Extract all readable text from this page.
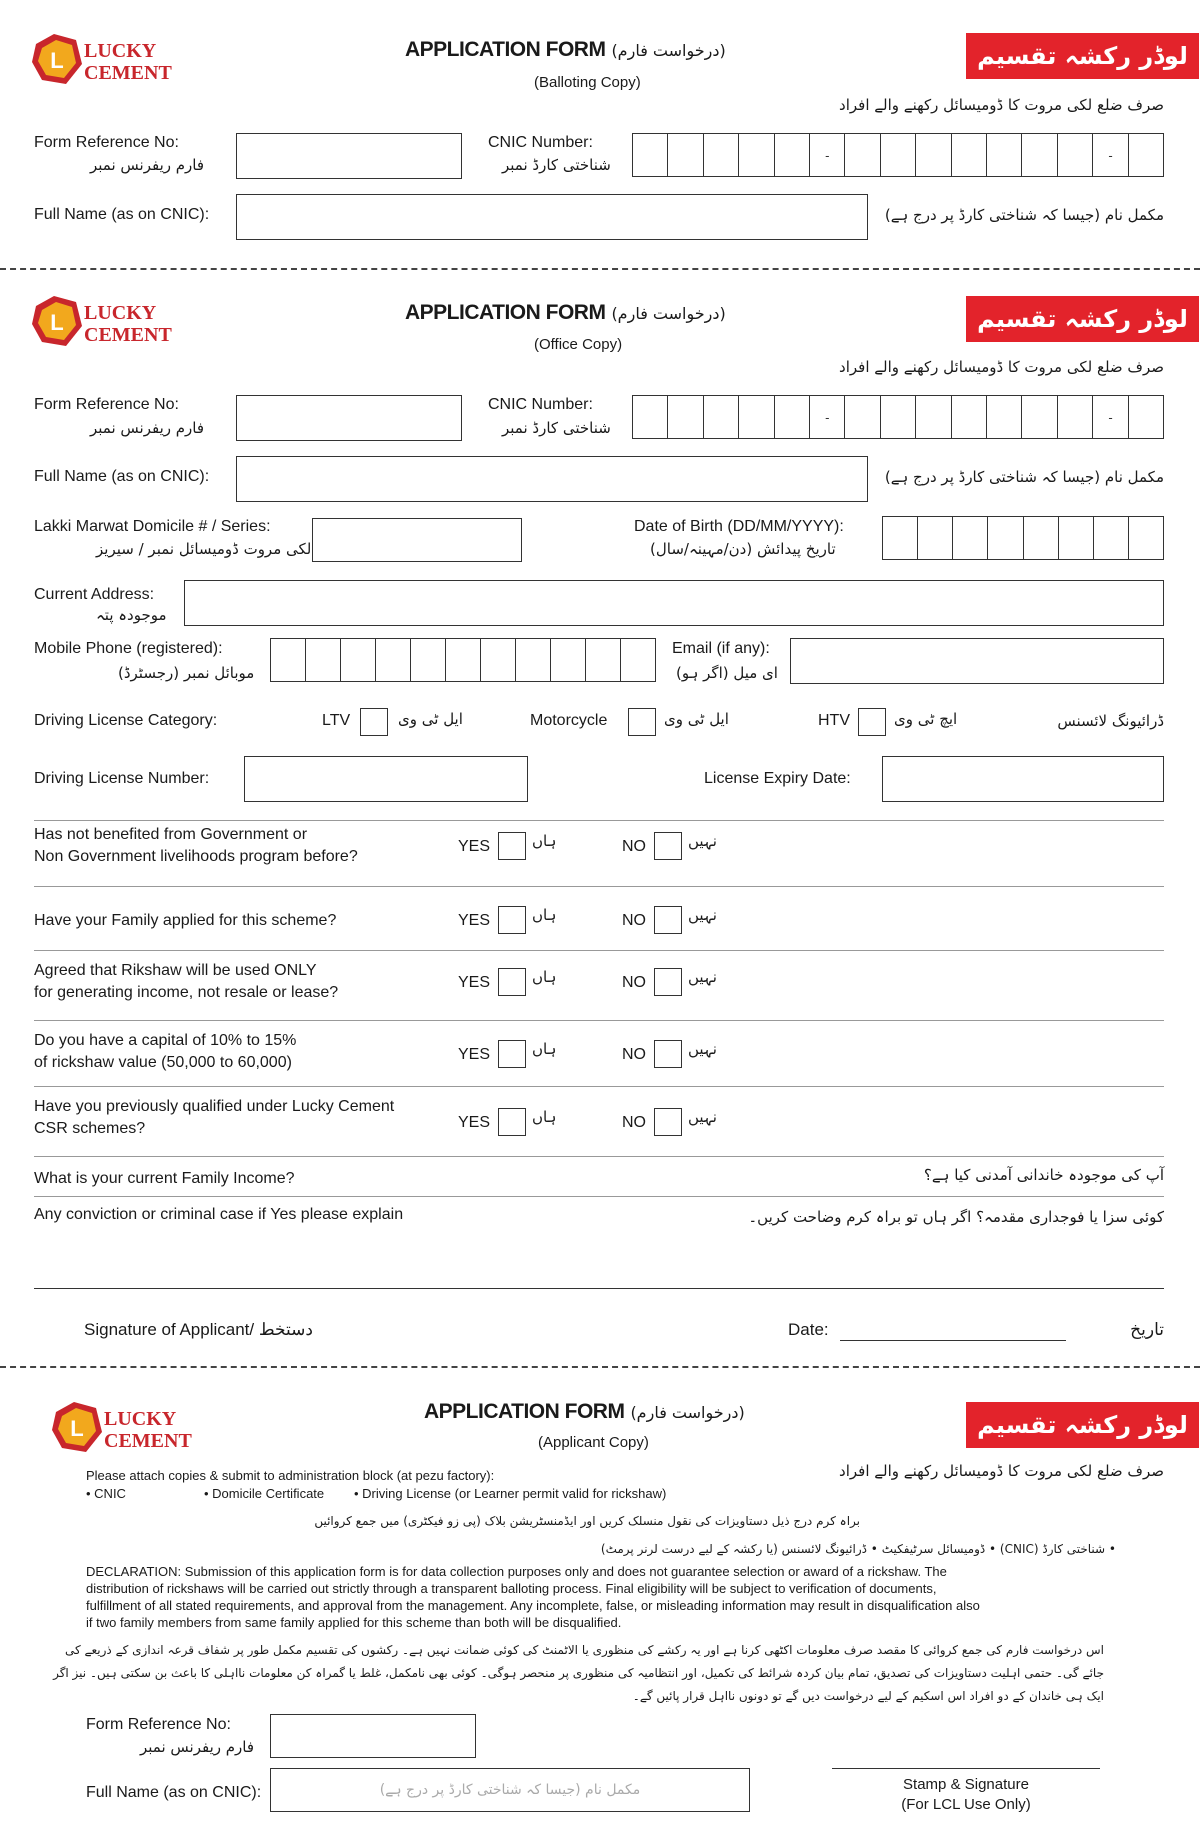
L LUCKY
CEMENT
APPLICATION FORM (درخواست فارم)
(Balloting Copy)
لوڈر رکشہ تقسیم
صرف ضلع لکی مروت کا ڈومیسائل رکھنے والے افراد
Form Reference No:
فارم ریفرنس نمبر
CNIC Number:
شناختی کارڈ نمبر
-	-
Full Name (as on CNIC):	مکمل نام (جیسا کہ شناختی کارڈ پر درج ہے)
L LUCKY
CEMENT
APPLICATION FORM (درخواست فارم)
(Office Copy)
لوڈر رکشہ تقسیم
صرف ضلع لکی مروت کا ڈومیسائل رکھنے والے افراد
Form Reference No:
فارم ریفرنس نمبر
CNIC Number:
شناختی کارڈ نمبر
-	-
Full Name (as on CNIC):	مکمل نام (جیسا کہ شناختی کارڈ پر درج ہے)
Lakki Marwat Domicile # / Series:
لکی مروت ڈومیسائل نمبر / سیریز
Date of Birth (DD/MM/YYYY):
تاریخ پیدائش (دن/مہینہ/سال)
Current Address:
موجودہ پتہ
Mobile Phone (registered):
موبائل نمبر (رجسٹرڈ)
Email (if any):
ای میل (اگر ہو)
Driving License Category:	LTV	ایل ٹی وی	Motorcycle	ایل ٹی وی	HTV	ایچ ٹی وی	ڈرائیونگ لائسنس
Driving License Number:	License Expiry Date:
Has not benefited from Government or
Non Government livelihoods program before?
YES	ہاں	NO	نہیں
Have your Family applied for this scheme?	YES	ہاں	NO	نہیں
Agreed that Rikshaw will be used ONLY
for generating income, not resale or lease?
YES	ہاں	NO	نہیں
Do you have a capital of 10% to 15%
of rickshaw value (50,000 to 60,000)	YES	ہاں	NO	نہیں
Have you previously qualified under Lucky Cement
CSR schemes?	YES	ہاں	NO	نہیں
What is your current Family Income?	آپ کی موجودہ خاندانی آمدنی کیا ہے؟
Any conviction or criminal case if Yes please explain	کوئی سزا یا فوجداری مقدمہ؟ اگر ہاں تو براہ کرم وضاحت کریں۔
Signature of Applicant/ دستخط	Date:	تاریخ
L LUCKY
CEMENT
APPLICATION FORM (درخواست فارم)
(Applicant Copy)
لوڈر رکشہ تقسیم
صرف ضلع لکی مروت کا ڈومیسائل رکھنے والے افراد
Please attach copies & submit to administration block (at pezu factory):
• CNIC	• Domicile Certificate • Driving License (or Learner permit valid for rickshaw)
براہ کرم درج ذیل دستاویزات کی نقول منسلک کریں اور ایڈمنسٹریشن بلاک (پی زو فیکٹری) میں جمع کروائیں
• شناختی کارڈ (CNIC) • ڈومیسائل سرٹیفکیٹ • ڈرائیونگ لائسنس (یا رکشہ کے لیے درست لرنر پرمٹ)
DECLARATION: Submission of this application form is for data collection purposes only and does not guarantee selection or award of a rickshaw. The
distribution of rickshaws will be carried out strictly through a transparent balloting process. Final eligibility will be subject to verification of documents,
fulfillment of all stated requirements, and approval from the management. Any incomplete, false, or misleading information may result in disqualification also
if two family members from same family applied for this scheme than both will be disqualified.
اس درخواست فارم کی جمع کروائی کا مقصد صرف معلومات اکٹھی کرنا ہے اور یہ رکشے کی منظوری یا الاٹمنٹ کی کوئی ضمانت نہیں ہے۔ رکشوں کی تقسیم مکمل طور پر شفاف قرعہ اندازی کے ذریعے کی
جائے گی۔ حتمی اہلیت دستاویزات کی تصدیق، تمام بیان کردہ شرائط کی تکمیل، اور انتظامیہ کی منظوری پر منحصر ہوگی۔ کوئی بھی نامکمل، غلط یا گمراہ کن معلومات نااہلی کا باعث بن سکتی ہیں۔ نیز اگر
ایک ہی خاندان کے دو افراد اس اسکیم کے لیے درخواست دیں گے تو دونوں نااہل قرار پائیں گے۔
Form Reference No:
فارم ریفرنس نمبر
Full Name (as on CNIC):	مکمل نام (جیسا کہ شناختی کارڈ پر درج ہے)	Stamp & Signature
(For LCL Use Only)
